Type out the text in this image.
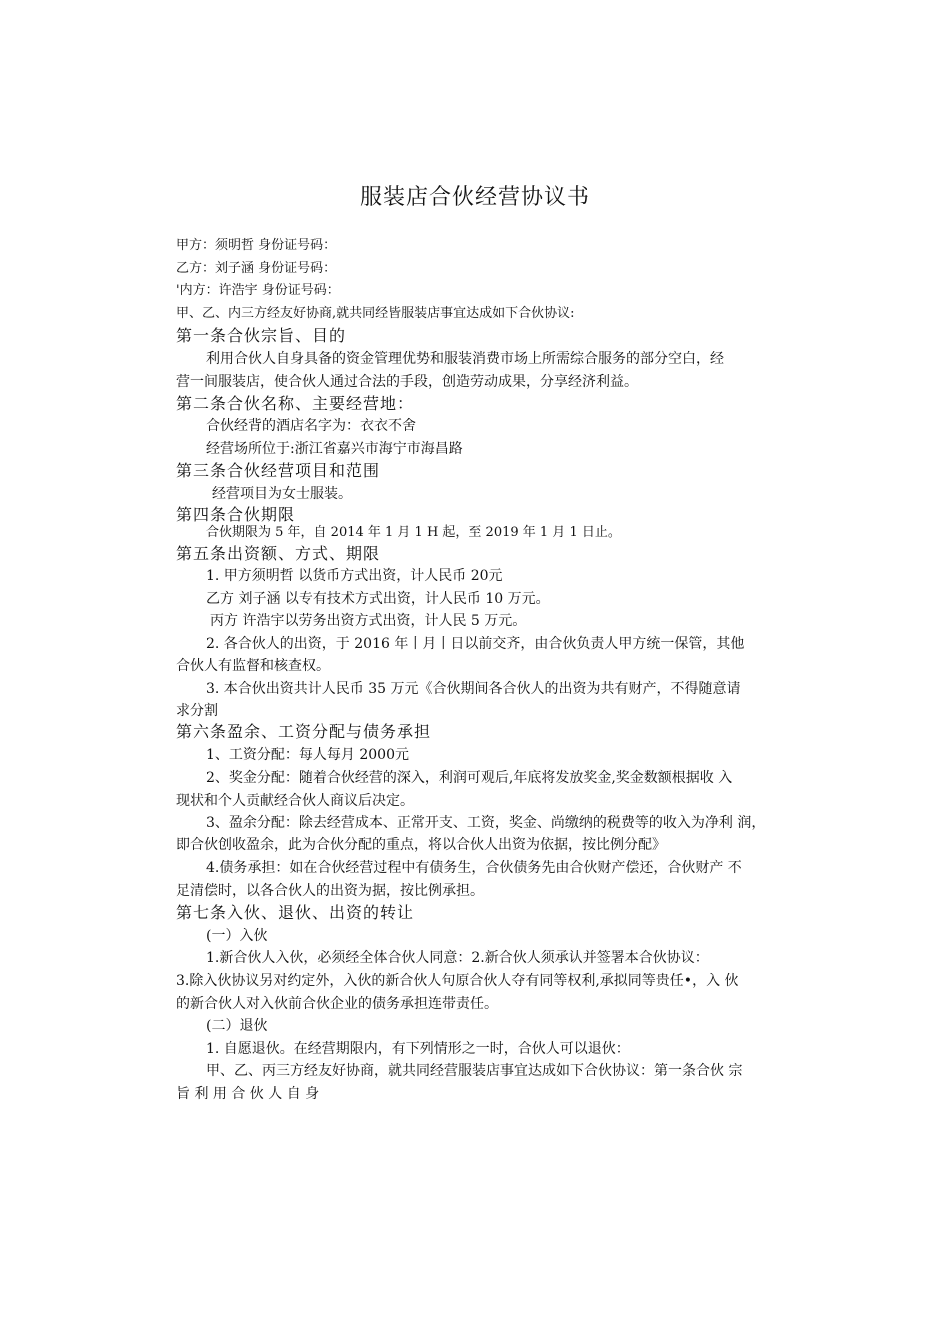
服装店合伙经营协议书
甲方：须明哲 身份证号码：
乙方：刘子涵 身份证号码：
'内方：许浩宇 身份证号码：
甲、乙、内三方经友好协商,就共同经皆服装店事宜达成如下合伙协议:
第一条合伙宗旨、目的
利用合伙人自身具备的资金管理优势和服装消费市场上所需综合服务的部分空白，经
营一间服装店，使合伙人通过合法的手段，创造劳动成果，分享经济利益。
第二条合伙名称、主要经营地：
合伙经背的酒店名字为：衣衣不舍
经营场所位于:浙江省嘉兴市海宁市海昌路
第三条合伙经营项目和范围
经营项目为女士服装。
第四条合伙期限
合伙期限为 5 年，自 2014 年 1 月 1 H 起，至 2019 年 1 月 1 日止。
第五条出资额、方式、期限
1. 甲方须明哲 以货币方式出资，计人民币 20元
乙方 刘子涵 以专有技术方式出资，计人民币 10 万元。
丙方 许浩宇以劳务出资方式出资，计人民 5 万元。
2. 各合伙人的出资，于 2016 年丨月丨日以前交齐，由合伙负责人甲方统一保管，其他
合伙人有监督和核查权。
3. 本合伙出资共计人民币 35 万元《合伙期间各合伙人的出资为共有财产，不得随意请
求分割
第六条盈余、工资分配与债务承担
1、工资分配：每人每月 2000元
2、奖金分配：随着合伙经营的深入，利润可观后,年底将发放奖金,奖金数额根据收 入
现状和个人贡献经合伙人商议后决定。
3、盈余分配：除去经营成本、正常开支、工资，奖金、尚缴纳的税费等的收入为净利 润，
即合伙创收盈余，此为合伙分配的重点，将以合伙人出资为依据，按比例分配》
4.债务承担：如在合伙经营过程中有债务生，合伙债务先由合伙财产偿还，合伙财产 不
足清偿时，以各合伙人的出资为据，按比例承担。
第七条入伙、退伙、出资的转让
(一）入伙
1.新合伙人入伙，必须经全体合伙人同意：2.新合伙人须承认并签署本合伙协议：
3.除入伙协议另对约定外，入伙的新合伙人句原合伙人夺有同等权利,承拟同等贵任•，入 伙
的新合伙人对入伙前合伙企业的债务承担连带责任。
(二）退伙
1. 自愿退伙。在经营期限内，有下列情形之一时，合伙人可以退伙：
甲、乙、丙三方经友好协商，就共同经营服装店事宜达成如下合伙协议：第一条合伙 宗
旨 利 用 合 伙 人 自 身
